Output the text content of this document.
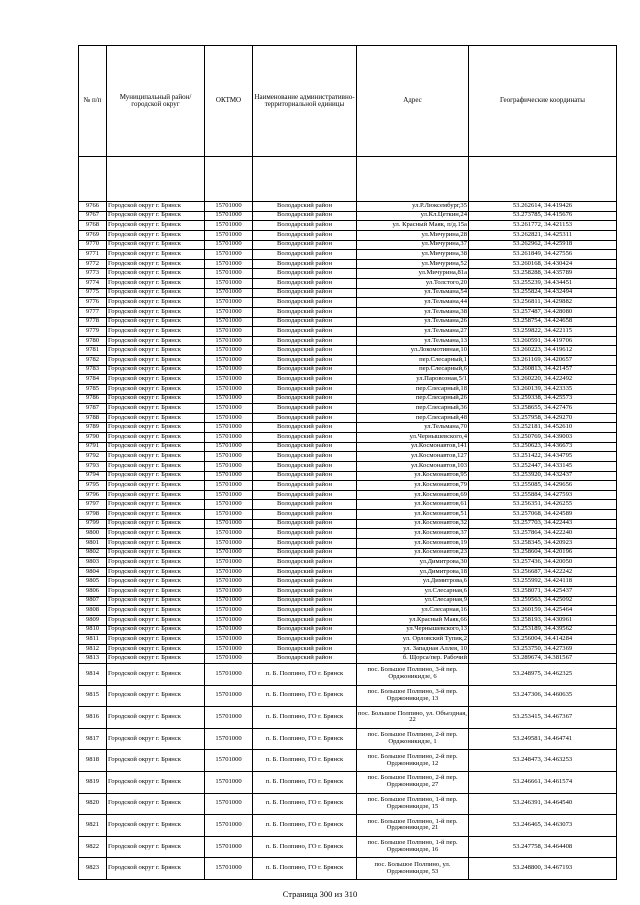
№ п/п	Муниципальный район/городской округ	ОКТМО	Наименование административно-территориальной единицы	Адрес	Географические координаты

9766	Городской округ г. Брянск	15701000	Володарский район	ул.Р.Люксембург,35	53.262614, 34.419426
9767	Городской округ г. Брянск	15701000	Володарский район	ул.Кл.Цеткин,24	53.273785, 34.415676
9768	Городской округ г. Брянск	15701000	Володарский район	ул. Красный Маяк, п/д.15а	53.261772, 34.421153
9769	Городской округ г. Брянск	15701000	Володарский район	ул.Мичурина,28	53.262821, 34.425311
9770	Городской округ г. Брянск	15701000	Володарский район	ул.Мичурина,37	53.262962, 34.425918
9771	Городской округ г. Брянск	15701000	Володарский район	ул.Мичурина,38	53.261849, 34.427556
9772	Городской округ г. Брянск	15701000	Володарский район	ул.Мичурина,52	53.260168, 34.430424
9773	Городской округ г. Брянск	15701000	Володарский район	ул.Мичурина,81а	53.258288, 34.435789
9774	Городской округ г. Брянск	15701000	Володарский район	ул.Толстого,20	53.255239, 34.434451
9775	Городской округ г. Брянск	15701000	Володарский район	ул.Тельмана,54	53.255824, 34.432494
9776	Городской округ г. Брянск	15701000	Володарский район	ул.Тельмана,44	53.256811, 34.429882
9777	Городской округ г. Брянск	15701000	Володарский район	ул.Тельмана,38	53.257487, 34.428080
9778	Городской округ г. Брянск	15701000	Володарский район	ул.Тельмана,26	53.258754, 34.424658
9779	Городской округ г. Брянск	15701000	Володарский район	ул.Тельмана,27	53.259822, 34.422115
9780	Городской округ г. Брянск	15701000	Володарский район	ул.Тельмана,13	53.260591, 34.419706
9781	Городской округ г. Брянск	15701000	Володарский район	ул.Локомотивная,10	53.260223, 34.419612
9782	Городской округ г. Брянск	15701000	Володарский район	пер.Слесарный,1	53.261169, 34.420657
9783	Городской округ г. Брянск	15701000	Володарский район	пер.Слесарный,6	53.260813, 34.421457
9784	Городской округ г. Брянск	15701000	Володарский район	ул.Паровозная,5/1	53.260220, 34.422492
9785	Городской округ г. Брянск	15701000	Володарский район	пер.Слесарный,18	53.260139, 34.423335
9786	Городской округ г. Брянск	15701000	Володарский район	пер.Слесарный,26	53.259338, 34.425573
9787	Городской округ г. Брянск	15701000	Володарский район	пер.Слесарный,36	53.258655, 34.427476
9788	Городской округ г. Брянск	15701000	Володарский район	пер.Слесарный,48	53.257958, 34.429270
9789	Городской округ г. Брянск	15701000	Володарский район	ул.Тельмана,70	53.252181, 34.452610
9790	Городской округ г. Брянск	15701000	Володарский район	ул.Чернышевского,4	53.250769, 34.439003
9791	Городской округ г. Брянск	15701000	Володарский район	ул.Космонавтов,141	53.250623, 34.436673
9792	Городской округ г. Брянск	15701000	Володарский район	ул.Космонавтов,127	53.251422, 34.434795
9793	Городской округ г. Брянск	15701000	Володарский район	ул.Космонавтов,103	53.252447, 34.433145
9794	Городской округ г. Брянск	15701000	Володарский район	ул.Космонавтов,95	53.253920, 34.432437
9795	Городской округ г. Брянск	15701000	Володарский район	ул.Космонавтов,79	53.255085, 34.429656
9796	Городской округ г. Брянск	15701000	Володарский район	ул.Космонавтов,69	53.255884, 34.427593
9797	Городской округ г. Брянск	15701000	Володарский район	ул.Космонавтов,61	53.256351, 34.426255
9798	Городской округ г. Брянск	15701000	Володарский район	ул.Космонавтов,51	53.257068, 34.424589
9799	Городской округ г. Брянск	15701000	Володарский район	ул.Космонавтов,32	53.257703, 34.422443
9800	Городской округ г. Брянск	15701000	Володарский район	ул.Космонавтов,37	53.257864, 34.422240
9801	Городской округ г. Брянск	15701000	Володарский район	ул.Космонавтов,19	53.258345, 34.420923
9802	Городской округ г. Брянск	15701000	Володарский район	ул.Космонавтов,23	53.258604, 34.420196
9803	Городской округ г. Брянск	15701000	Володарский район	ул.Димитрова,30	53.257436, 34.420050
9804	Городской округ г. Брянск	15701000	Володарский район	ул.Димитрова,18	53.256687, 34.422242
9805	Городской округ г. Брянск	15701000	Володарский район	ул.Димитрова,6	53.255992, 34.424118
9806	Городской округ г. Брянск	15701000	Володарский район	ул.Слесарная,6	53.258071, 34.425437
9807	Городской округ г. Брянск	15701000	Володарский район	ул.Слесарная,9	53.259563, 34.425092
9808	Городской округ г. Брянск	15701000	Володарский район	ул.Слесарная,16	53.260159, 34.425464
9809	Городской округ г. Брянск	15701000	Володарский район	ул.Красный Маяк,66	53.258193, 34.430961
9810	Городской округ г. Брянск	15701000	Володарский район	ул.Чернышевского,13	53.253189, 34.439562
9811	Городской округ г. Брянск	15701000	Володарский район	ул. Орловский Тупик,2	53.256004, 34.414284
9812	Городской округ г. Брянск	15701000	Володарский район	ул. Западная Аллея, 10	53.253750, 34.427369
9813	Городской округ г. Брянск	15701000	Володарский район	б. Щорса/пер. Рабочий	53.289674, 34.381567
9814	Городской округ г. Брянск	15701000	п. Б. Полпино, ГО г. Брянск	пос. Большое Полпино, 3-й пер. Орджоникидзе, 6	53.248975, 34.462325
9815	Городской округ г. Брянск	15701000	п. Б. Полпино, ГО г. Брянск	пос. Большое Полпино, 3-й пер. Орджоникидзе, 13	53.247306, 34.460635
9816	Городской округ г. Брянск	15701000	п. Б. Полпино, ГО г. Брянск	пос. Большое Полпино, ул. Объездная, 22	53.253415, 34.467367
9817	Городской округ г. Брянск	15701000	п. Б. Полпино, ГО г. Брянск	пос. Большое Полпино, 2-й пер. Орджоникидзе, 1	53.249581, 34.464741
9818	Городской округ г. Брянск	15701000	п. Б. Полпино, ГО г. Брянск	пос. Большое Полпино, 2-й пер. Орджоникидзе, 12	53.248473, 34.463253
9819	Городской округ г. Брянск	15701000	п. Б. Полпино, ГО г. Брянск	пос. Большое Полпино, 2-й пер. Орджоникидзе, 27	53.246661, 34.461574
9820	Городской округ г. Брянск	15701000	п. Б. Полпино, ГО г. Брянск	пос. Большое Полпино, 1-й пер. Орджоникидзе, 15	53.246391, 34.464540
9821	Городской округ г. Брянск	15701000	п. Б. Полпино, ГО г. Брянск	пос. Большое Полпино, 1-й пер. Орджоникидзе, 21	53.246465, 34.463073
9822	Городской округ г. Брянск	15701000	п. Б. Полпино, ГО г. Брянск	пос. Большое Полпино, 1-й пер. Орджоникидзе, 16	53.247758, 34.464408
9823	Городской округ г. Брянск	15701000	п. Б. Полпино, ГО г. Брянск	пос. Большое Полпино, ул. Орджоникидзе, 53	53.248800, 34.467193
Страница 300 из 310
